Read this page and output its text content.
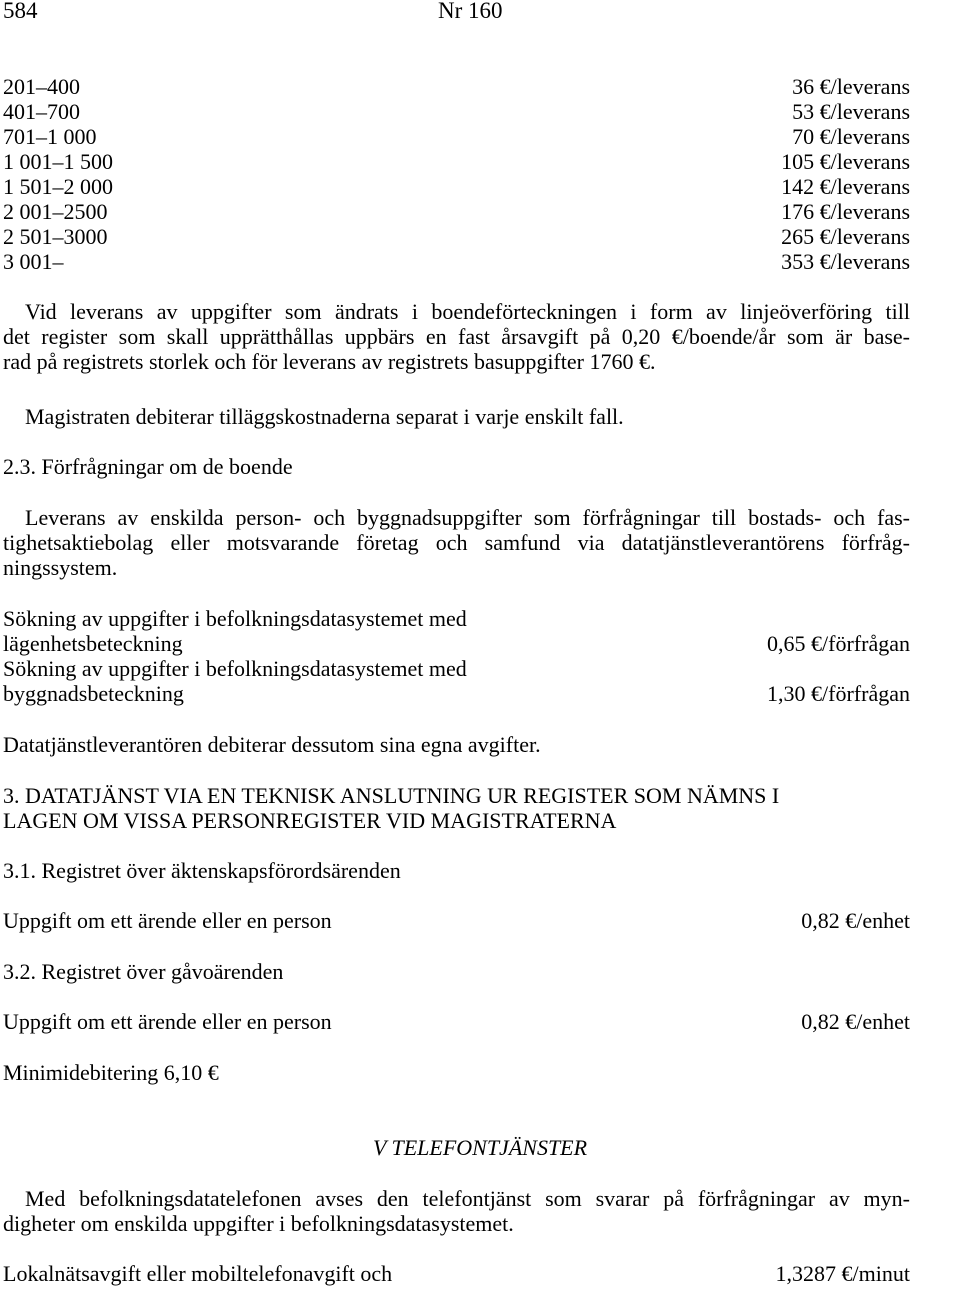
584	Nr 160
201–400	36 €/leverans
401–700	53 €/leverans
701–1 000	70 €/leverans
1 001–1 500	105 €/leverans
1 501–2 000	142 €/leverans
2 001–2500	176 €/leverans
2 501–3000	265 €/leverans
3 001–	353 €/leverans
Vid leverans av uppgifter som ändrats i boendeförteckningen i form av linjeöverföring till
det register som skall upprätthållas uppbärs en fast årsavgift på 0,20 €/boende/år som är base-
rad på registrets storlek och för leverans av registrets basuppgifter 1760 €.
Magistraten debiterar tilläggskostnaderna separat i varje enskilt fall.
2.3. Förfrågningar om de boende
Leverans av enskilda person- och byggnadsuppgifter som förfrågningar till bostads- och fas-
tighetsaktiebolag eller motsvarande företag och samfund via datatjänstleverantörens förfråg-
ningssystem.
Sökning av uppgifter i befolkningsdatasystemet med
lägenhetsbeteckning	0,65 €/förfrågan
Sökning av uppgifter i befolkningsdatasystemet med
byggnadsbeteckning	1,30 €/förfrågan
Datatjänstleverantören debiterar dessutom sina egna avgifter.
3. DATATJÄNST VIA EN TEKNISK ANSLUTNING UR REGISTER SOM NÄMNS I
LAGEN OM VISSA PERSONREGISTER VID MAGISTRATERNA
3.1. Registret över äktenskapsförordsärenden
Uppgift om ett ärende eller en person	0,82 €/enhet
3.2. Registret över gåvoärenden
Uppgift om ett ärende eller en person	0,82 €/enhet
Minimidebitering 6,10 €
V TELEFONTJÄNSTER
Med befolkningsdatatelefonen avses den telefontjänst som svarar på förfrågningar av myn-
digheter om enskilda uppgifter i befolkningsdatasystemet.
Lokalnätsavgift eller mobiltelefonavgift och	1,3287 €/minut
